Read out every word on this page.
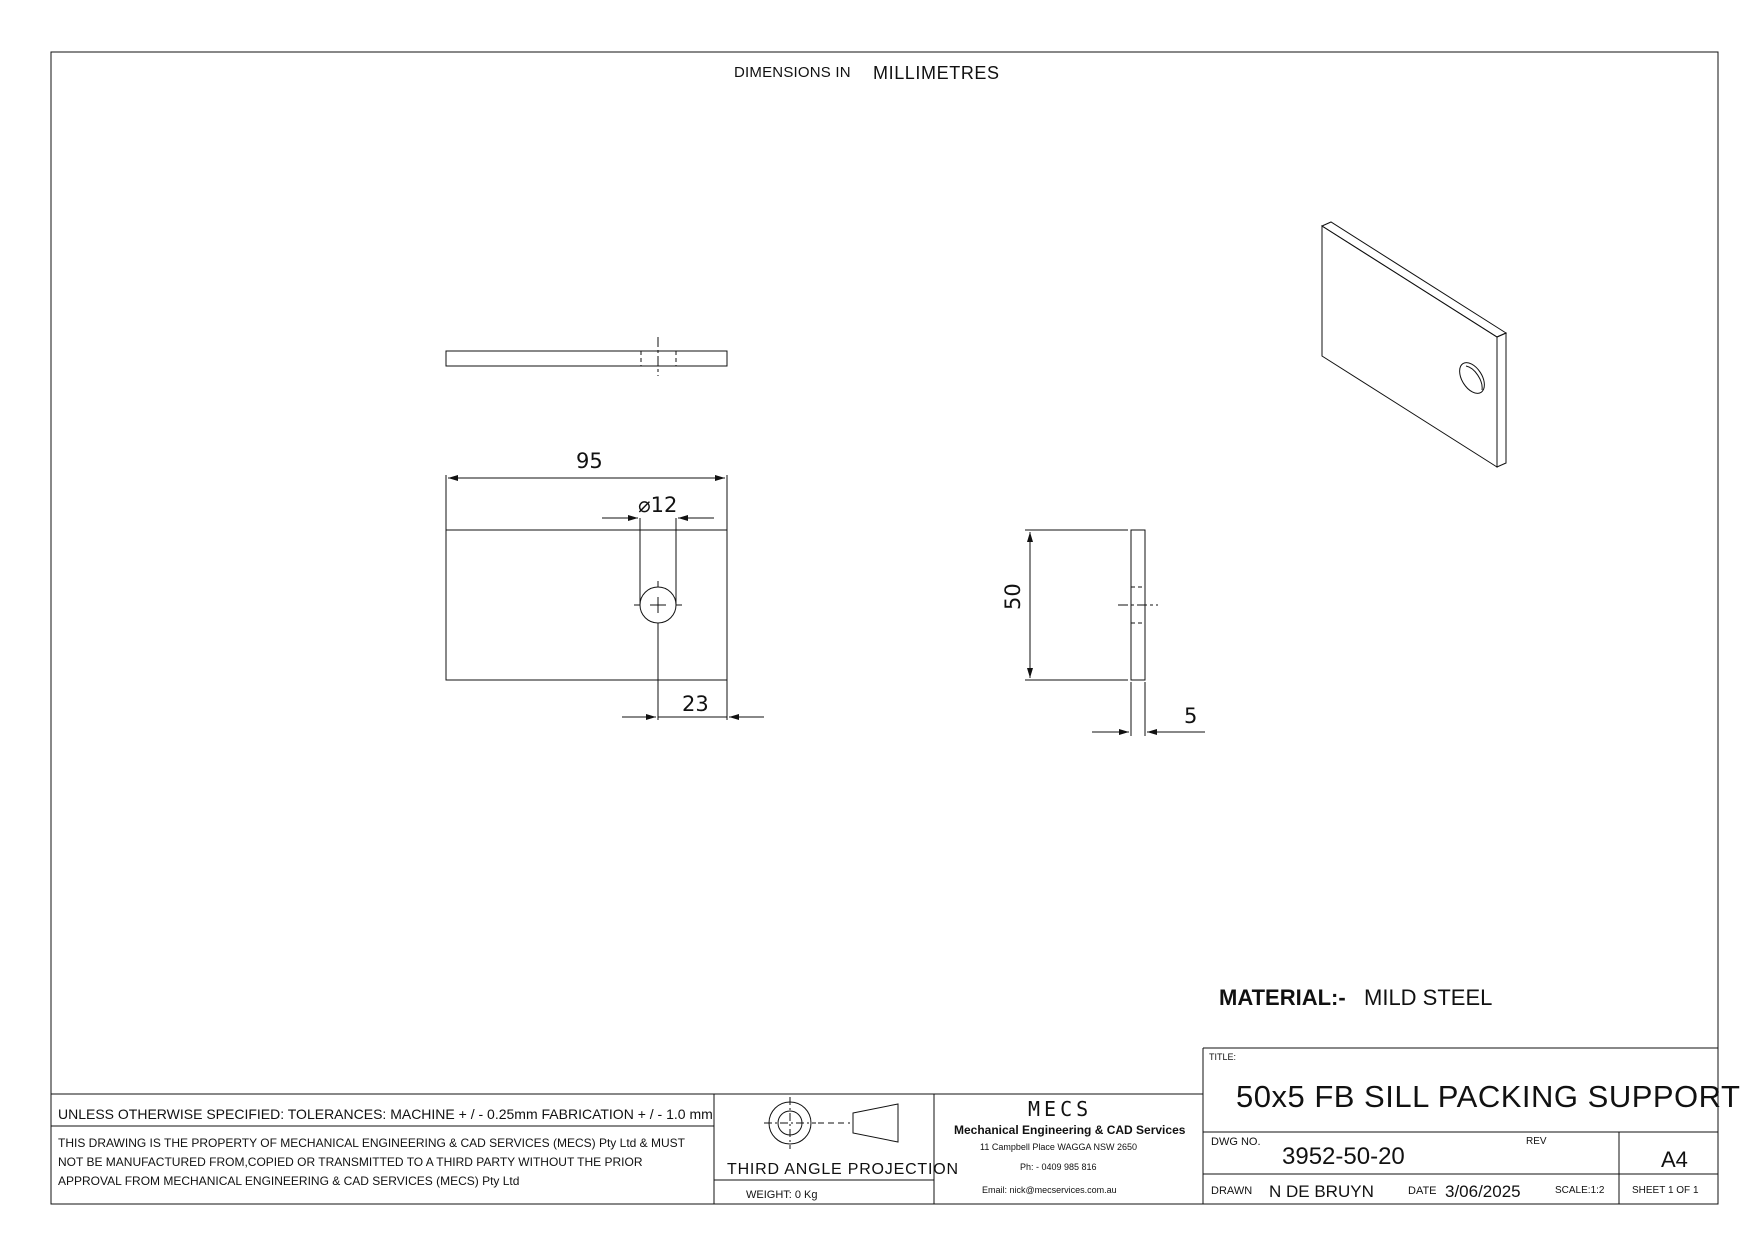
DIMENSIONS IN MILLIMETRES
95
⌀12
23
50
5
MATERIAL:- MILD STEEL
UNLESS OTHERWISE SPECIFIED: TOLERANCES: MACHINE + / - 0.25mm FABRICATION + / - 1.0 mm
THIS DRAWING IS THE PROPERTY OF MECHANICAL ENGINEERING & CAD SERVICES (MECS) Pty Ltd & MUST NOT BE MANUFACTURED FROM,COPIED OR TRANSMITTED TO A THIRD PARTY WITHOUT THE PRIOR APPROVAL FROM MECHANICAL ENGINEERING & CAD SERVICES (MECS) Pty Ltd
THIRD ANGLE PROJECTION
WEIGHT: 0 Kg
MECS
Mechanical Engineering & CAD Services
11 Campbell Place WAGGA NSW 2650
Ph: - 0409 985 816
Email: nick@mecservices.com.au
TITLE:
50x5 FB SILL PACKING SUPPORT
DWG NO.
3952-50-20
REV
A4
DRAWN N DE BRUYN	DATE 3/06/2025	SCALE:1:2	SHEET 1 OF 1
